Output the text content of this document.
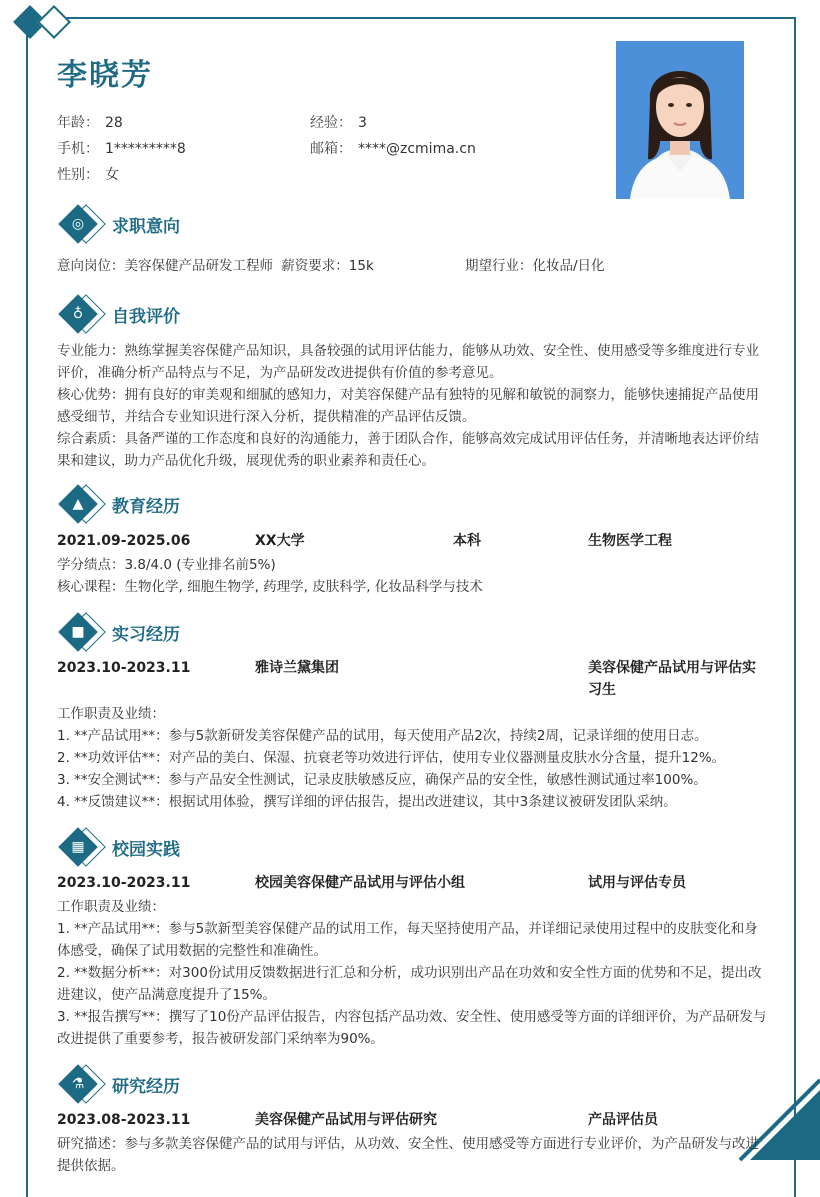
李晓芳
年龄： 28	经验： 3
手机： 1*********8	邮箱： ****@zcmima.cn
性别： 女
◎	求职意向
意向岗位：美容保健产品研发工程师 薪资要求：15k	期望行业：化妆品/日化
♁	自我评价
专业能力：熟练掌握美容保健产品知识，具备较强的试用评估能力，能够从功效、安全性、使用感受等多维度进行专业评价，准确分析产品特点与不足，为产品研发改进提供有价值的参考意见。
核心优势：拥有良好的审美观和细腻的感知力，对美容保健产品有独特的见解和敏锐的洞察力，能够快速捕捉产品使用感受细节，并结合专业知识进行深入分析，提供精准的产品评估反馈。
综合素质：具备严谨的工作态度和良好的沟通能力，善于团队合作，能够高效完成试用评估任务，并清晰地表达评价结果和建议，助力产品优化升级，展现优秀的职业素养和责任心。
▲	教育经历
2021.09-2025.06	XX大学	本科	生物医学工程
学分绩点：3.8/4.0 (专业排名前5%)
核心课程：生物化学, 细胞生物学, 药理学, 皮肤科学, 化妆品科学与技术
■	实习经历
2023.10-2023.11	雅诗兰黛集团	美容保健产品试用与评估实习生
工作职责及业绩：
1. **产品试用**：参与5款新研发美容保健产品的试用，每天使用产品2次，持续2周，记录详细的使用日志。
2. **功效评估**：对产品的美白、保湿、抗衰老等功效进行评估，使用专业仪器测量皮肤水分含量，提升12%。
3. **安全测试**：参与产品安全性测试，记录皮肤敏感反应，确保产品的安全性，敏感性测试通过率100%。
4. **反馈建议**：根据试用体验，撰写详细的评估报告，提出改进建议，其中3条建议被研发团队采纳。
▦	校园实践
2023.10-2023.11	校园美容保健产品试用与评估小组	试用与评估专员
工作职责及业绩：
1. **产品试用**：参与5款新型美容保健产品的试用工作，每天坚持使用产品，并详细记录使用过程中的皮肤变化和身体感受，确保了试用数据的完整性和准确性。
2. **数据分析**：对300份试用反馈数据进行汇总和分析，成功识别出产品在功效和安全性方面的优势和不足，提出改进建议，使产品满意度提升了15%。
3. **报告撰写**：撰写了10份产品评估报告，内容包括产品功效、安全性、使用感受等方面的详细评价，为产品研发与改进提供了重要参考，报告被研发部门采纳率为90%。
⚗	研究经历
2023.08-2023.11	美容保健产品试用与评估研究	产品评估员
研究描述：参与多款美容保健产品的试用与评估，从功效、安全性、使用感受等方面进行专业评价，为产品研发与改进提供依据。
